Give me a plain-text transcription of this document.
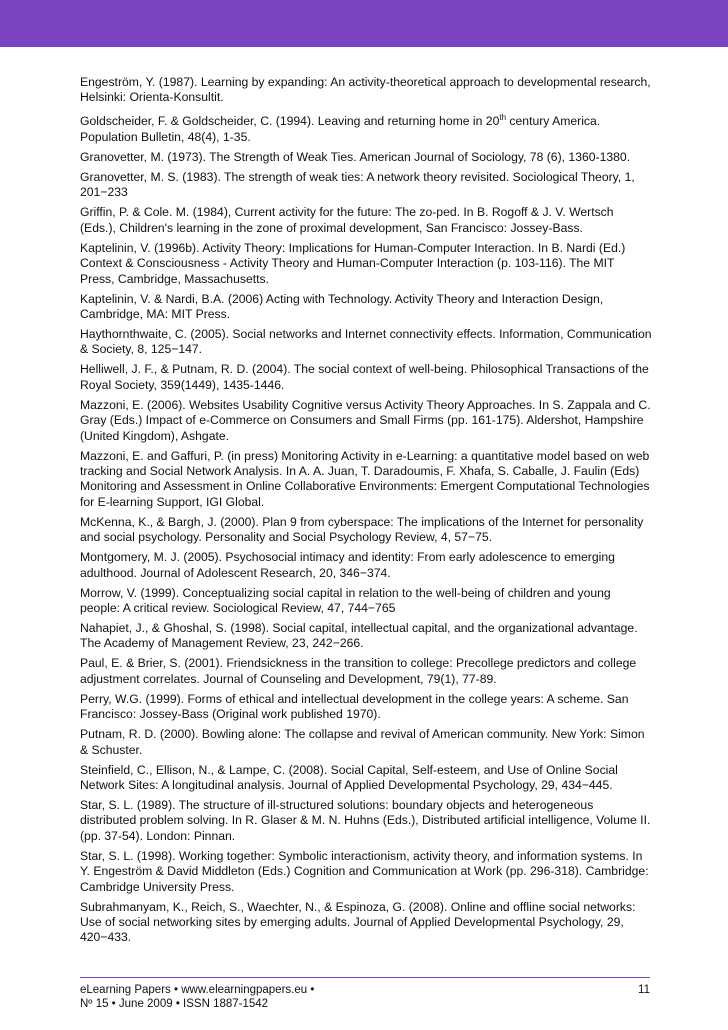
Engeström, Y. (1987). Learning by expanding: An activity-theoretical approach to developmental research, Helsinki: Orienta-Konsultit.

Goldscheider, F. & Goldscheider, C. (1994). Leaving and returning home in 20th century America. Population Bulletin, 48(4), 1-35.

Granovetter, M. (1973). The Strength of Weak Ties. American Journal of Sociology, 78 (6), 1360-1380.

Granovetter, M. S. (1983). The strength of weak ties: A network theory revisited. Sociological Theory, 1, 201−233

Griffin, P. & Cole. M. (1984), Current activity for the future: The zo-ped. In B. Rogoff & J. V. Wertsch (Eds.), Children's learning in the zone of proximal development, San Francisco: Jossey-Bass.

Kaptelinin, V. (1996b). Activity Theory: Implications for Human-Computer Interaction. In B. Nardi (Ed.) Context & Consciousness - Activity Theory and Human-Computer Interaction (p. 103-116). The MIT Press, Cambridge, Massachusetts.

Kaptelinin, V. & Nardi, B.A. (2006) Acting with Technology. Activity Theory and Interaction Design, Cambridge, MA: MIT Press.

Haythornthwaite, C. (2005). Social networks and Internet connectivity effects. Information, Communication & Society, 8, 125−147.

Helliwell, J. F., & Putnam, R. D. (2004). The social context of well-being. Philosophical Transactions of the Royal Society, 359(1449), 1435-1446.

Mazzoni, E. (2006). Websites Usability Cognitive versus Activity Theory Approaches. In S. Zappala and C. Gray (Eds.) Impact of e-Commerce on Consumers and Small Firms (pp. 161-175). Aldershot, Hampshire (United Kingdom), Ashgate.

Mazzoni, E. and Gaffuri, P. (in press) Monitoring Activity in e-Learning: a quantitative model based on web tracking and Social Network Analysis. In A. A. Juan, T. Daradoumis, F. Xhafa, S. Caballe, J. Faulin (Eds) Monitoring and Assessment in Online Collaborative Environments: Emergent Computational Technologies for E-learning Support, IGI Global.

McKenna, K., & Bargh, J. (2000). Plan 9 from cyberspace: The implications of the Internet for personality and social psychology. Personality and Social Psychology Review, 4, 57−75.

Montgomery, M. J. (2005). Psychosocial intimacy and identity: From early adolescence to emerging adulthood. Journal of Adolescent Research, 20, 346−374.

Morrow, V. (1999). Conceptualizing social capital in relation to the well-being of children and young people: A critical review. Sociological Review, 47, 744−765

Nahapiet, J., & Ghoshal, S. (1998). Social capital, intellectual capital, and the organizational advantage. The Academy of Management Review, 23, 242−266.

Paul, E. & Brier, S. (2001). Friendsickness in the transition to college: Precollege predictors and college adjustment correlates. Journal of Counseling and Development, 79(1), 77-89.

Perry, W.G. (1999). Forms of ethical and intellectual development in the college years: A scheme. San Francisco: Jossey-Bass (Original work published 1970).

Putnam, R. D. (2000). Bowling alone: The collapse and revival of American community. New York: Simon & Schuster.

Steinfield, C., Ellison, N., & Lampe, C. (2008). Social Capital, Self-esteem, and Use of Online Social Network Sites: A longitudinal analysis. Journal of Applied Developmental Psychology, 29, 434−445.

Star, S. L. (1989). The structure of ill-structured solutions: boundary objects and heterogeneous distributed problem solving. In R. Glaser & M. N. Huhns (Eds.), Distributed artificial intelligence, Volume II. (pp. 37-54). London: Pinnan.

Star, S. L. (1998). Working together: Symbolic interactionism, activity theory, and information systems. In Y. Engeström & David Middleton (Eds.) Cognition and Communication at Work (pp. 296-318). Cambridge: Cambridge University Press.

Subrahmanyam, K., Reich, S., Waechter, N., & Espinoza, G. (2008). Online and offline social networks: Use of social networking sites by emerging adults. Journal of Applied Developmental Psychology, 29, 420−433.

eLearning Papers • www.elearningpapers.eu •
Nº 15 • June 2009 • ISSN 1887-1542
11
